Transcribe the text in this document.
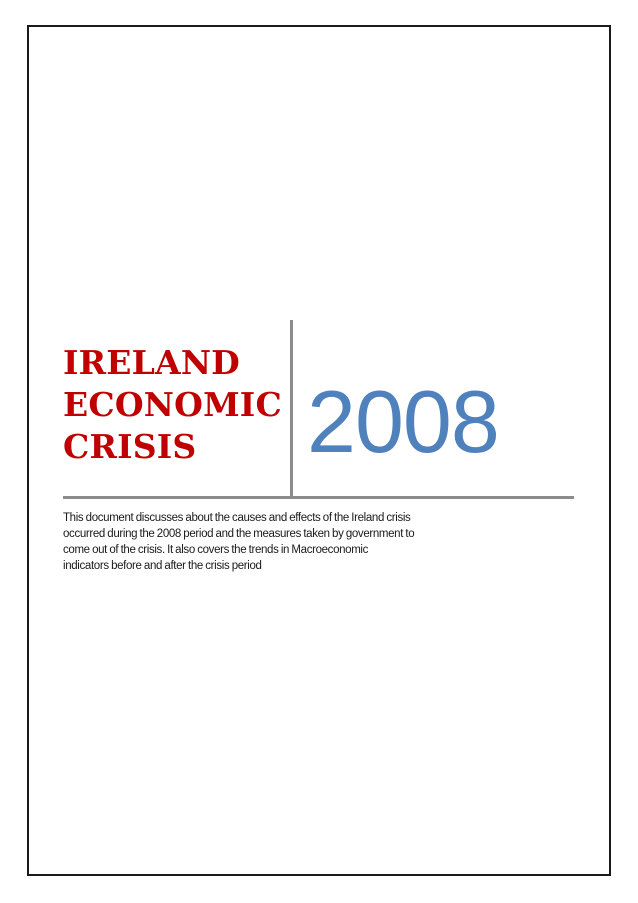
IRELAND
ECONOMIC
CRISIS	2008

This document discusses about the causes and effects of the Ireland crisis
occurred during the 2008 period and the measures taken by government to
come out of the crisis. It also covers the trends in Macroeconomic
indicators before and after the crisis period
